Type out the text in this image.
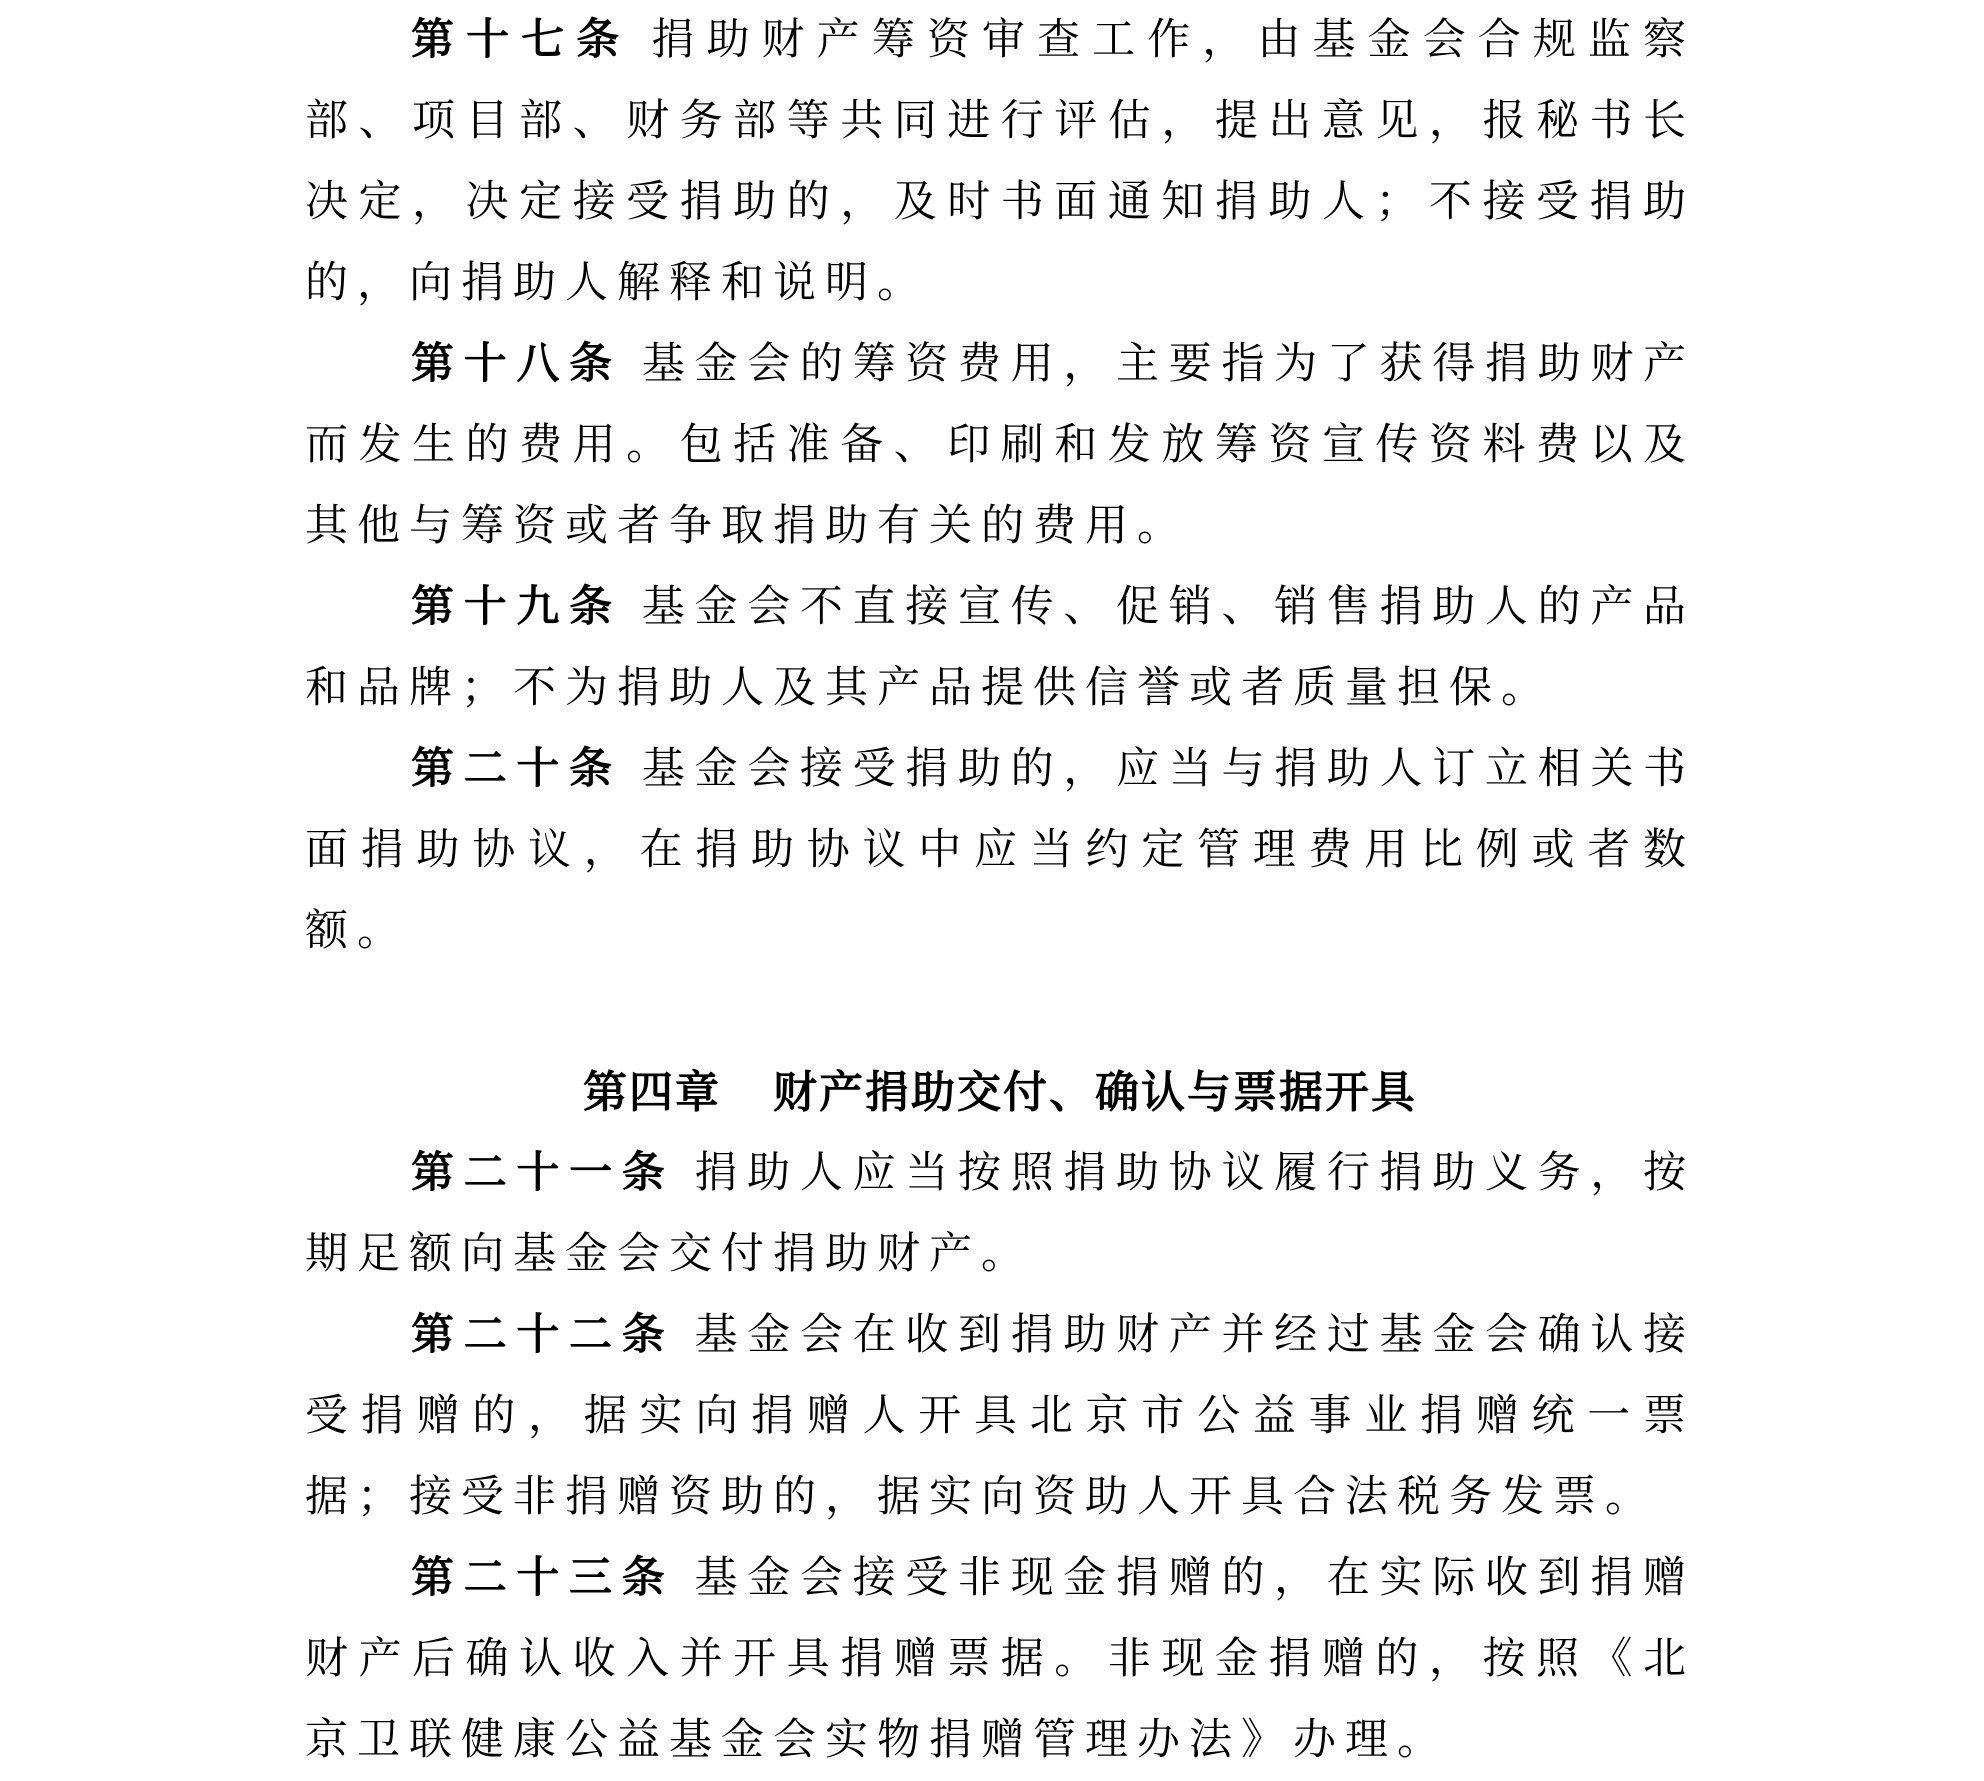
第十七条 捐助财产筹资审查工作，由基金会合规监察部、项目部、财务部等共同进行评估，提出意见，报秘书长决定，决定接受捐助的，及时书面通知捐助人；不接受捐助的，向捐助人解释和说明。

第十八条 基金会的筹资费用，主要指为了获得捐助财产而发生的费用。包括准备、印刷和发放筹资宣传资料费以及其他与筹资或者争取捐助有关的费用。

第十九条 基金会不直接宣传、促销、销售捐助人的产品和品牌；不为捐助人及其产品提供信誉或者质量担保。

第二十条 基金会接受捐助的，应当与捐助人订立相关书面捐助协议，在捐助协议中应当约定管理费用比例或者数额。

第四章 财产捐助交付、确认与票据开具

第二十一条 捐助人应当按照捐助协议履行捐助义务，按期足额向基金会交付捐助财产。

第二十二条 基金会在收到捐助财产并经过基金会确认接受捐赠的，据实向捐赠人开具北京市公益事业捐赠统一票据；接受非捐赠资助的，据实向资助人开具合法税务发票。

第二十三条 基金会接受非现金捐赠的，在实际收到捐赠财产后确认收入并开具捐赠票据。非现金捐赠的，按照《北京卫联健康公益基金会实物捐赠管理办法》办理。
